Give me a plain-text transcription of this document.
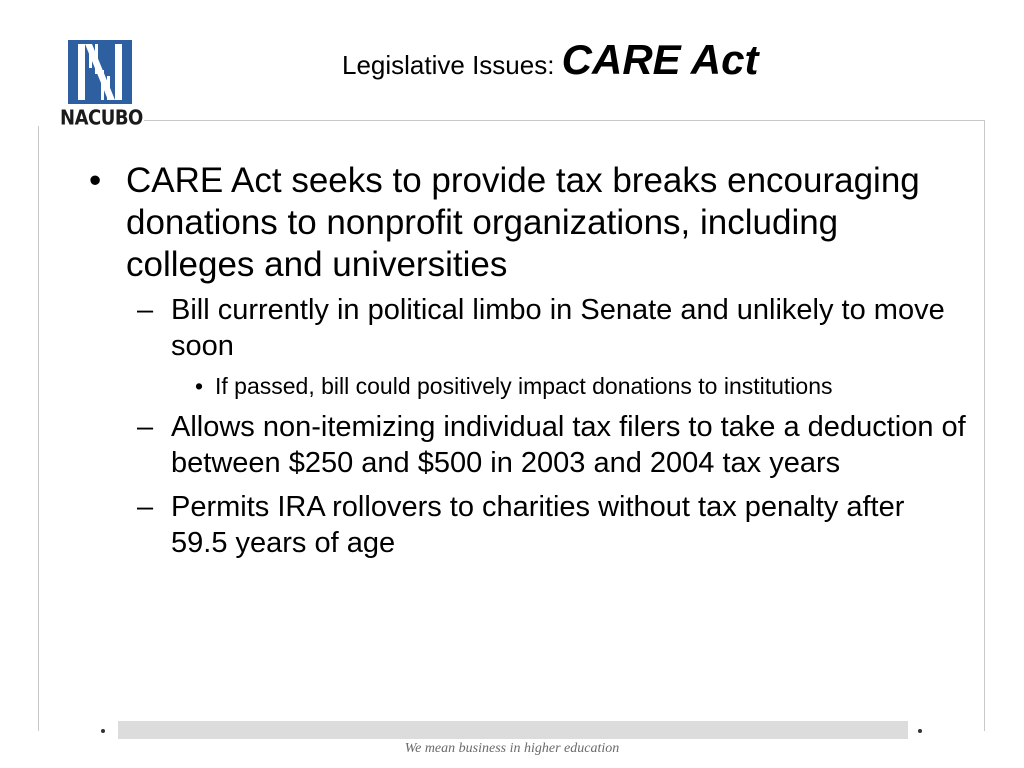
NACUBO
Legislative Issues: CARE Act

• CARE Act seeks to provide tax breaks encouraging donations to nonprofit organizations, including colleges and universities

– Bill currently in political limbo in Senate and unlikely to move soon

• If passed, bill could positively impact donations to institutions

– Allows non-itemizing individual tax filers to take a deduction of between $250 and $500 in 2003 and 2004 tax years

– Permits IRA rollovers to charities without tax penalty after 59.5 years of age

We mean business in higher education
